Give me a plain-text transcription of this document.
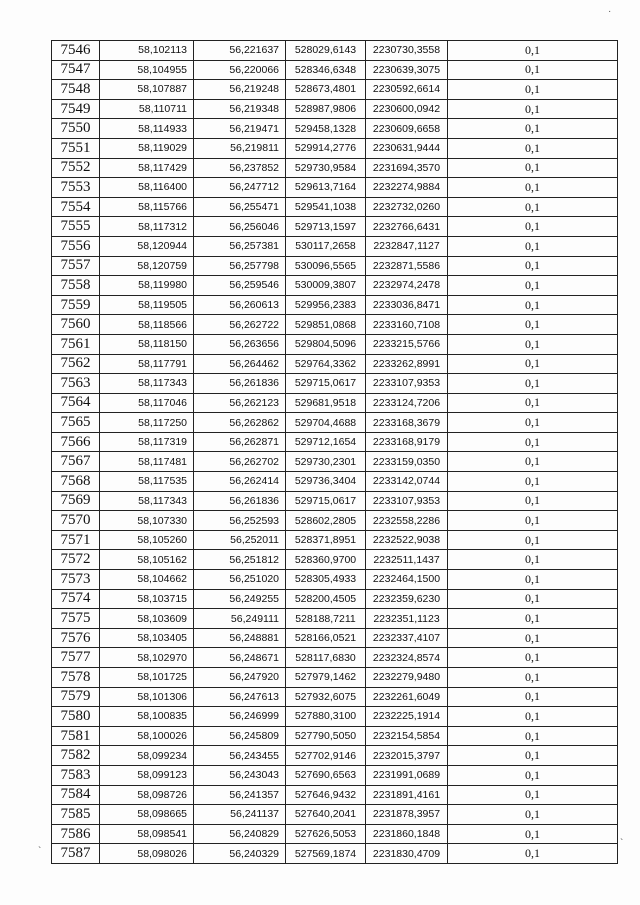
7546	58,102113	56,221637	528029,6143	2230730,3558	0,1
7547	58,104955	56,220066	528346,6348	2230639,3075	0,1
7548	58,107887	56,219248	528673,4801	2230592,6614	0,1
7549	58,110711	56,219348	528987,9806	2230600,0942	0,1
7550	58,114933	56,219471	529458,1328	2230609,6658	0,1
7551	58,119029	56,219811	529914,2776	2230631,9444	0,1
7552	58,117429	56,237852	529730,9584	2231694,3570	0,1
7553	58,116400	56,247712	529613,7164	2232274,9884	0,1
7554	58,115766	56,255471	529541,1038	2232732,0260	0,1
7555	58,117312	56,256046	529713,1597	2232766,6431	0,1
7556	58,120944	56,257381	530117,2658	2232847,1127	0,1
7557	58,120759	56,257798	530096,5565	2232871,5586	0,1
7558	58,119980	56,259546	530009,3807	2232974,2478	0,1
7559	58,119505	56,260613	529956,2383	2233036,8471	0,1
7560	58,118566	56,262722	529851,0868	2233160,7108	0,1
7561	58,118150	56,263656	529804,5096	2233215,5766	0,1
7562	58,117791	56,264462	529764,3362	2233262,8991	0,1
7563	58,117343	56,261836	529715,0617	2233107,9353	0,1
7564	58,117046	56,262123	529681,9518	2233124,7206	0,1
7565	58,117250	56,262862	529704,4688	2233168,3679	0,1
7566	58,117319	56,262871	529712,1654	2233168,9179	0,1
7567	58,117481	56,262702	529730,2301	2233159,0350	0,1
7568	58,117535	56,262414	529736,3404	2233142,0744	0,1
7569	58,117343	56,261836	529715,0617	2233107,9353	0,1
7570	58,107330	56,252593	528602,2805	2232558,2286	0,1
7571	58,105260	56,252011	528371,8951	2232522,9038	0,1
7572	58,105162	56,251812	528360,9700	2232511,1437	0,1
7573	58,104662	56,251020	528305,4933	2232464,1500	0,1
7574	58,103715	56,249255	528200,4505	2232359,6230	0,1
7575	58,103609	56,249111	528188,7211	2232351,1123	0,1
7576	58,103405	56,248881	528166,0521	2232337,4107	0,1
7577	58,102970	56,248671	528117,6830	2232324,8574	0,1
7578	58,101725	56,247920	527979,1462	2232279,9480	0,1
7579	58,101306	56,247613	527932,6075	2232261,6049	0,1
7580	58,100835	56,246999	527880,3100	2232225,1914	0,1
7581	58,100026	56,245809	527790,5050	2232154,5854	0,1
7582	58,099234	56,243455	527702,9146	2232015,3797	0,1
7583	58,099123	56,243043	527690,6563	2231991,0689	0,1
7584	58,098726	56,241357	527646,9432	2231891,4161	0,1
7585	58,098665	56,241137	527640,2041	2231878,3957	0,1
7586	58,098541	56,240829	527626,5053	2231860,1848	0,1
7587	58,098026	56,240329	527569,1874	2231830,4709	0,1
·
`
`
